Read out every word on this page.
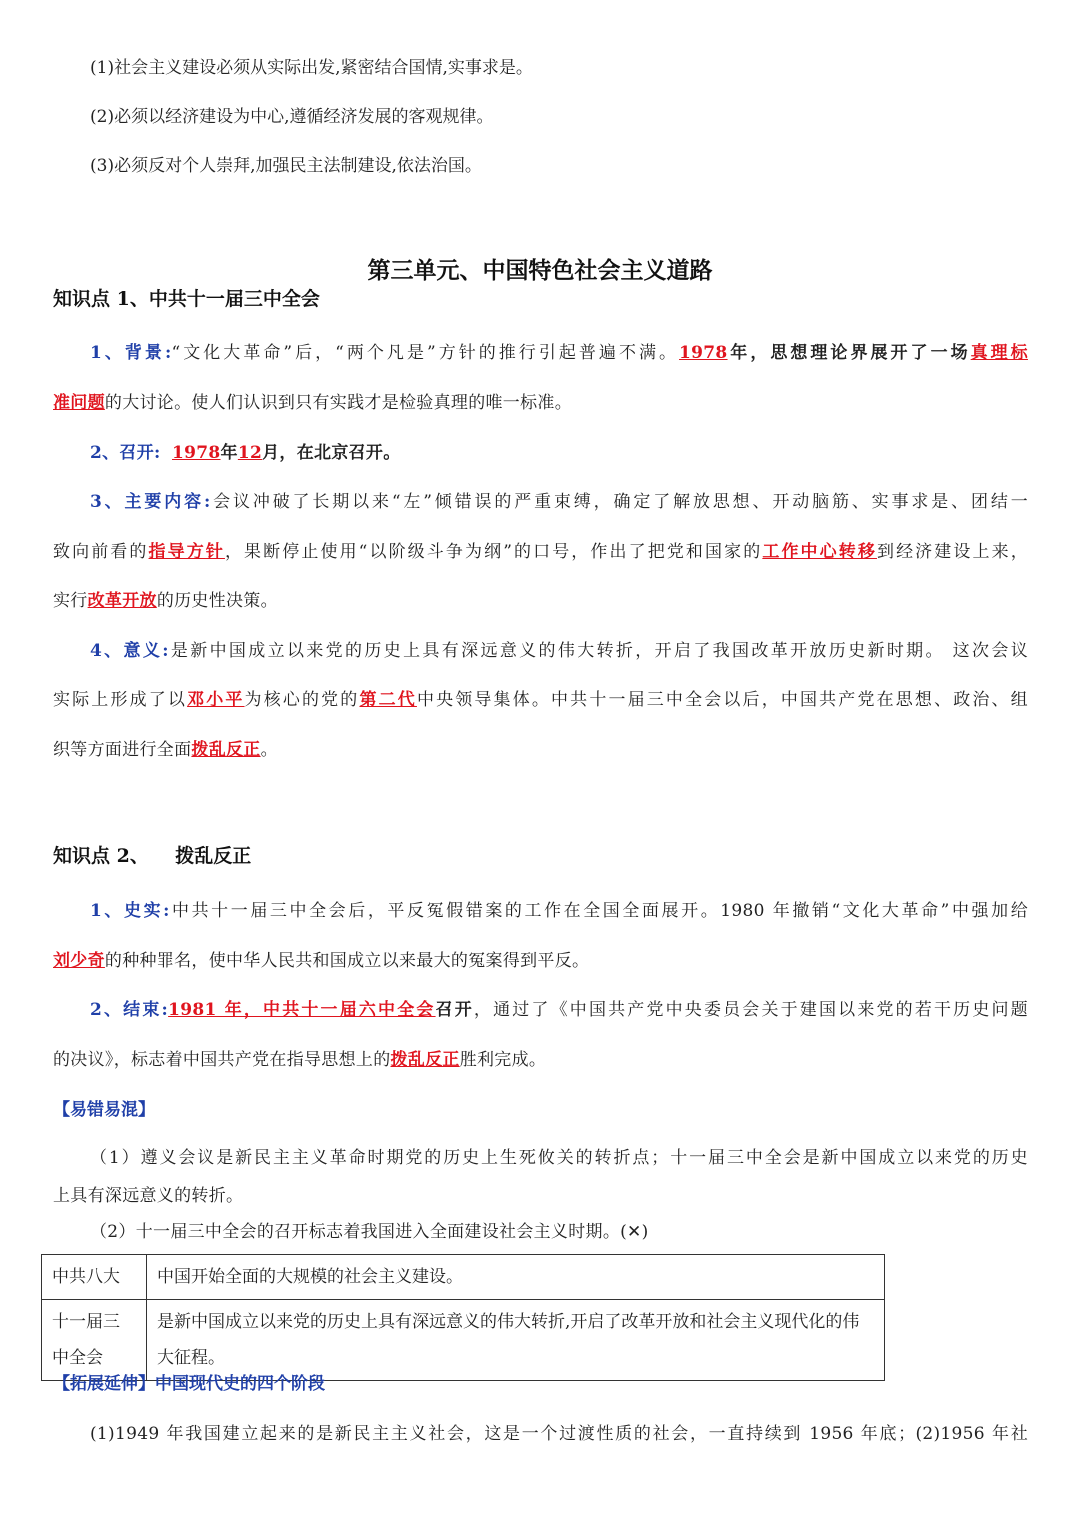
(1)社会主义建设必须从实际出发,紧密结合国情,实事求是。
(2)必须以经济建设为中心,遵循经济发展的客观规律。
(3)必须反对个人崇拜,加强民主法制建设,依法治国。
第三单元、中国特色社会主义道路
知识点 1、中共十一届三中全会
1、背景:“文化大革命”后，“两个凡是”方针的推行引起普遍不满。1978年，思想理论界展开了一场真理标
准问题的大讨论。使人们认识到只有实践才是检验真理的唯一标准。
2、召开: 1978年12月，在北京召开。
3、主要内容:会议冲破了长期以来“左”倾错误的严重束缚，确定了解放思想、开动脑筋、实事求是、团结一
致向前看的指导方针，果断停止使用“以阶级斗争为纲”的口号，作出了把党和国家的工作中心转移到经济建设上来，
实行改革开放的历史性决策。
4、意义:是新中国成立以来党的历史上具有深远意义的伟大转折，开启了我国改革开放历史新时期。 这次会议
实际上形成了以邓小平为核心的党的第二代中央领导集体。中共十一届三中全会以后，中国共产党在思想、政治、组
织等方面进行全面拨乱反正。
知识点 2、    拨乱反正
1、史实:中共十一届三中全会后，平反冤假错案的工作在全国全面展开。1980 年撤销“文化大革命”中强加给
刘少奇的种种罪名，使中华人民共和国成立以来最大的冤案得到平反。
2、结束:1981 年，中共十一届六中全会召开，通过了《中国共产党中央委员会关于建国以来党的若干历史问题
的决议》，标志着中国共产党在指导思想上的拨乱反正胜利完成。
【易错易混】
（1）遵义会议是新民主主义革命时期党的历史上生死攸关的转折点；十一届三中全会是新中国成立以来党的历史
上具有深远意义的转折。
（2）十一届三中全会的召开标志着我国进入全面建设社会主义时期。(✕)
中共八大	中国开始全面的大规模的社会主义建设。
十一届三中全会	是新中国成立以来党的历史上具有深远意义的伟大转折,开启了改革开放和社会主义现代化的伟大征程。
【拓展延伸】中国现代史的四个阶段
(1)1949 年我国建立起来的是新民主主义社会，这是一个过渡性质的社会，一直持续到 1956 年底；(2)1956 年社
